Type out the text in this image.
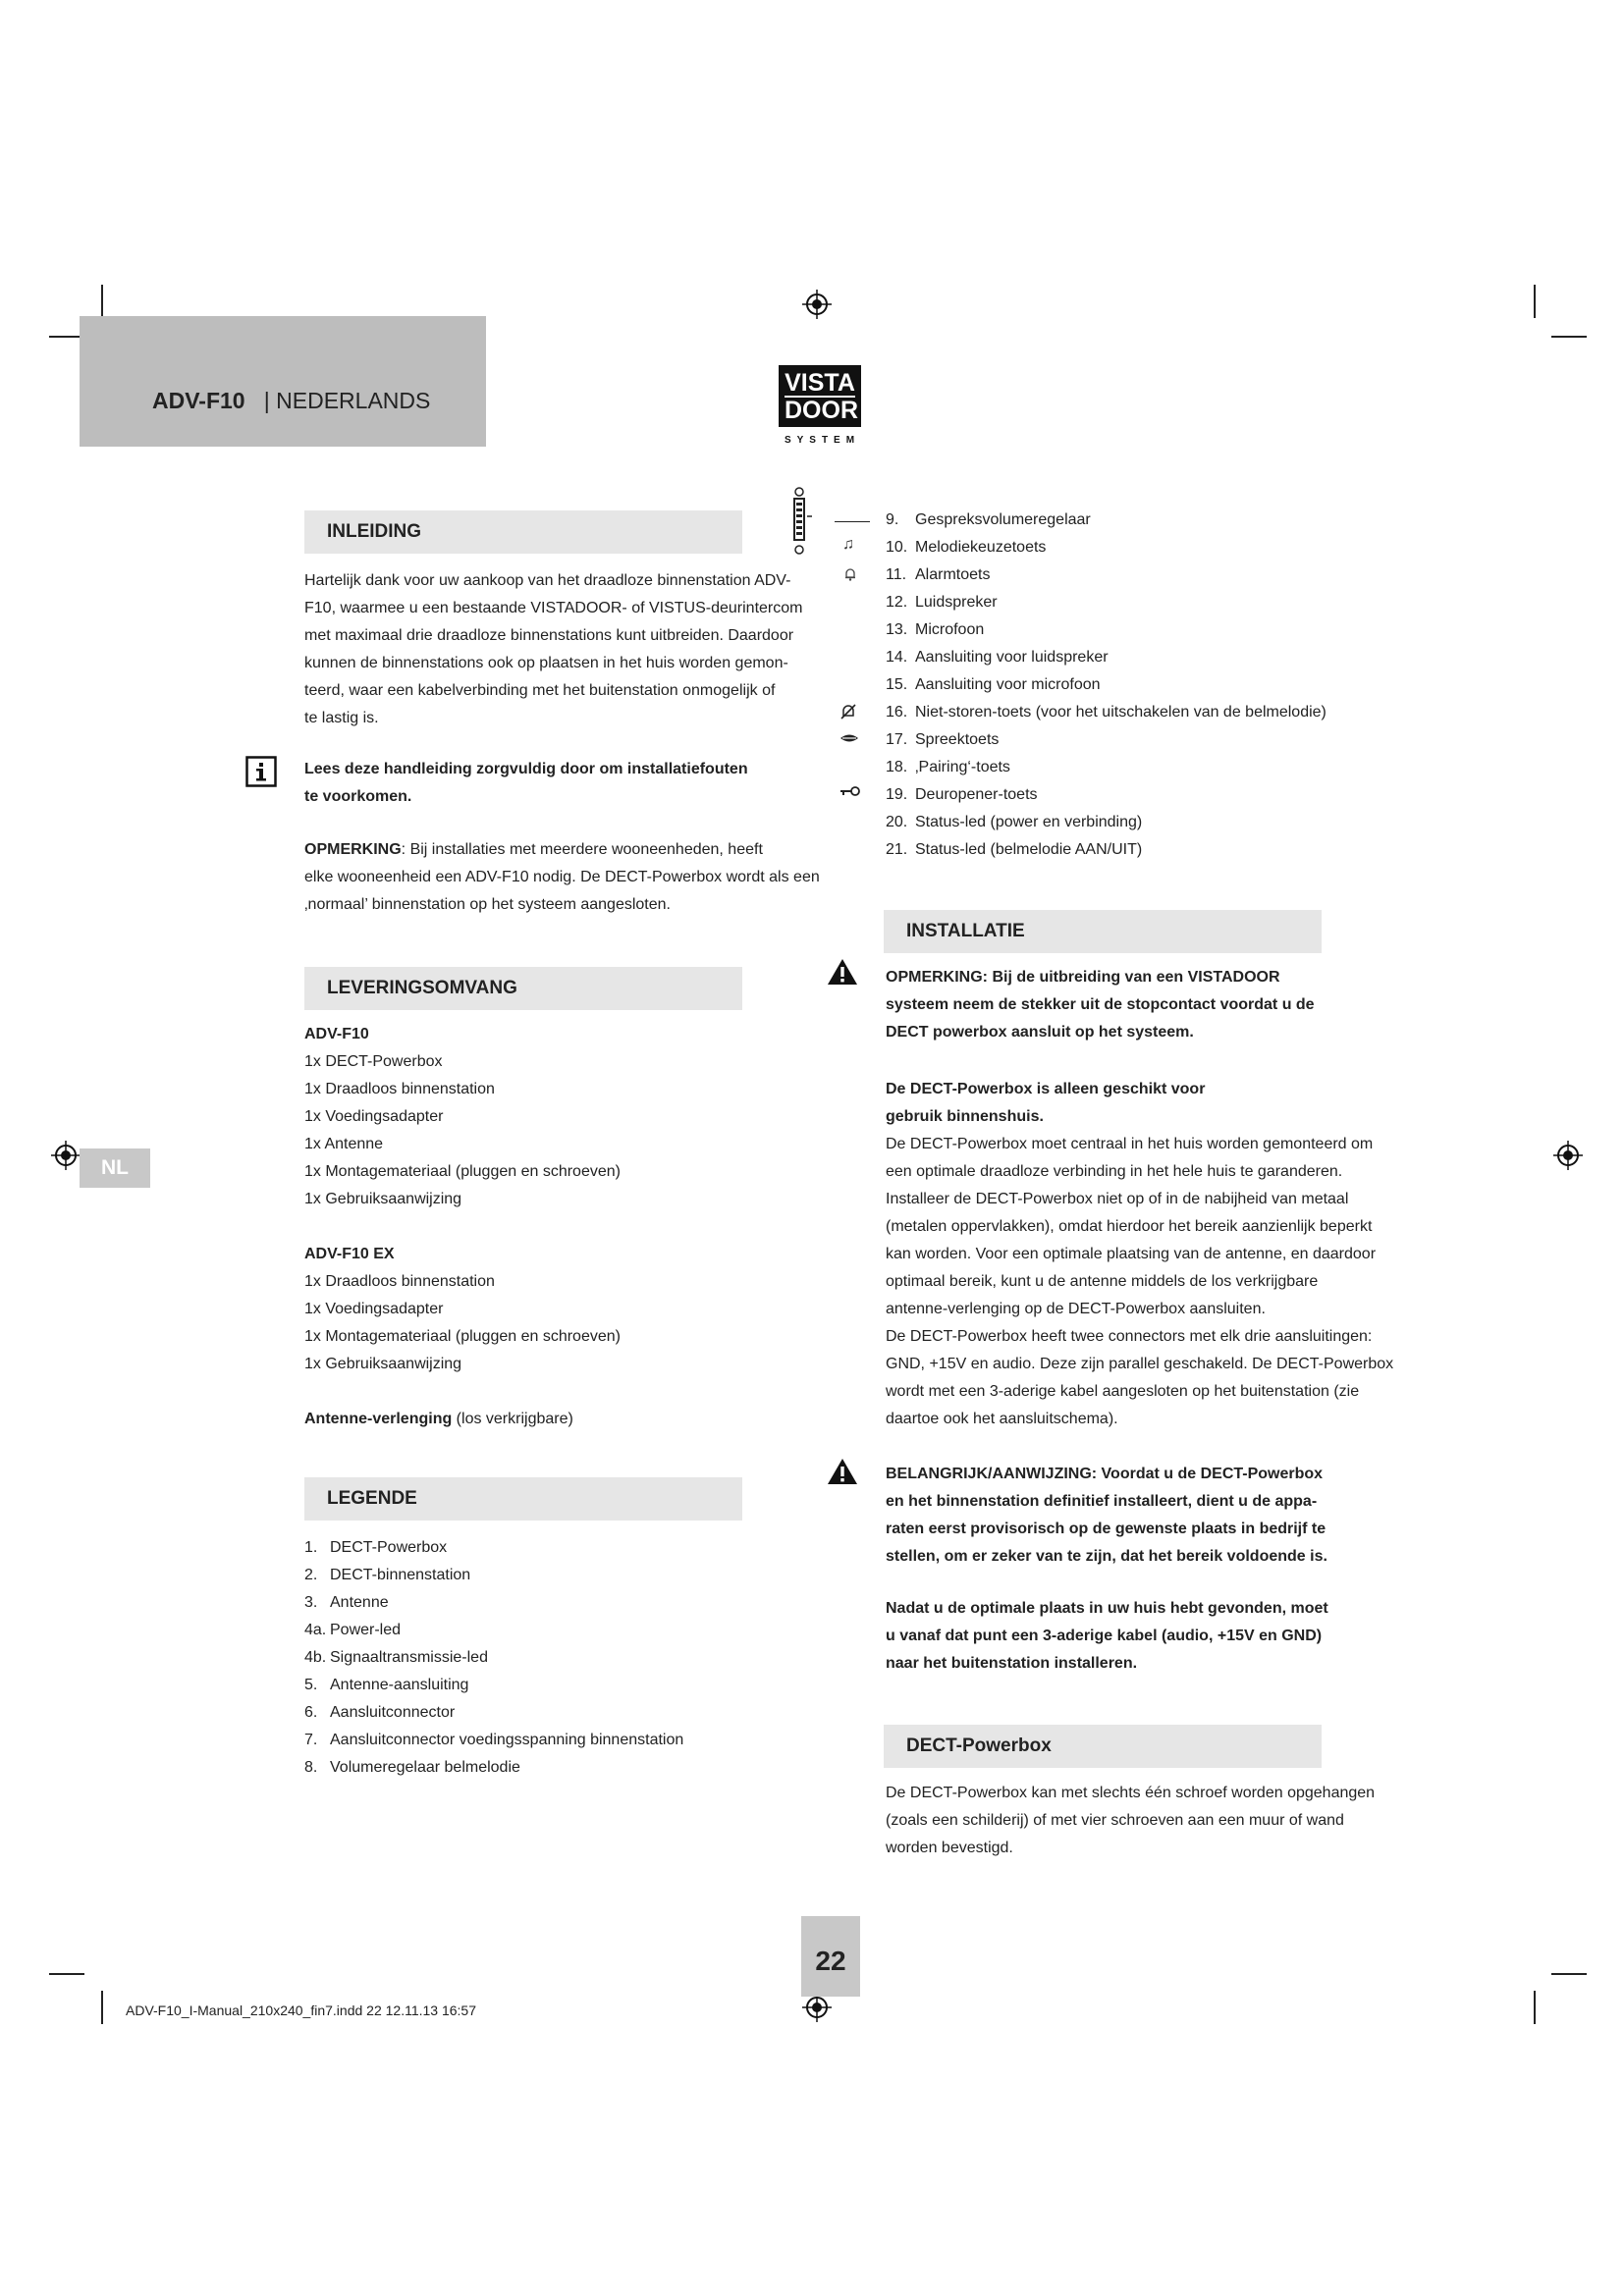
ADV-F10 | NEDERLANDS
VISTA
DOOR
SYSTEM
NL
INLEIDING
Hartelijk dank voor uw aankoop van het draadloze binnenstation ADV-
F10, waarmee u een bestaande VISTADOOR- of VISTUS-deurintercom
met maximaal drie draadloze binnenstations kunt uitbreiden. Daardoor
kunnen de binnenstations ook op plaatsen in het huis worden gemon-
teerd, waar een kabelverbinding met het buitenstation onmogelijk of
te lastig is.
Lees deze handleiding zorgvuldig door om installatiefouten
te voorkomen.
OPMERKING: Bij installaties met meerdere wooneenheden, heeft
elke wooneenheid een ADV-F10 nodig. De DECT-Powerbox wordt als een
‚normaal’ binnenstation op het systeem aangesloten.
LEVERINGSOMVANG
ADV-F10
1x DECT-Powerbox
1x Draadloos binnenstation
1x Voedingsadapter
1x Antenne
1x Montagemateriaal (pluggen en schroeven)
1x Gebruiksaanwijzing

ADV-F10 EX
1x Draadloos binnenstation
1x Voedingsadapter
1x Montagemateriaal (pluggen en schroeven)
1x Gebruiksaanwijzing

Antenne-verlenging (los verkrijgbare)
LEGENDE
1. DECT-Powerbox
2. DECT-binnenstation
3. Antenne
4a. Power-led
4b. Signaaltransmissie-led
5. Antenne-aansluiting
6. Aansluitconnector
7. Aansluitconnector voedingsspanning binnenstation
8. Volumeregelaar belmelodie
♫
9. Gespreksvolumeregelaar
10. Melodiekeuzetoets
11. Alarmtoets
12. Luidspreker
13. Microfoon
14. Aansluiting voor luidspreker
15. Aansluiting voor microfoon
16. Niet-storen-toets (voor het uitschakelen van de belmelodie)
17. Spreektoets
18. ‚Pairing‘-toets
19. Deuropener-toets
20. Status-led (power en verbinding)
21. Status-led (belmelodie AAN/UIT)
INSTALLATIE
OPMERKING: Bij de uitbreiding van een VISTADOOR
systeem neem de stekker uit de stopcontact voordat u de
DECT powerbox aansluit op het systeem.
De DECT-Powerbox is alleen geschikt voor
gebruik binnenshuis.
De DECT-Powerbox moet centraal in het huis worden gemonteerd om
een optimale draadloze verbinding in het hele huis te garanderen.
Installeer de DECT-Powerbox niet op of in de nabijheid van metaal
(metalen oppervlakken), omdat hierdoor het bereik aanzienlijk beperkt
kan worden. Voor een optimale plaatsing van de antenne, en daardoor
optimaal bereik, kunt u de antenne middels de los verkrijgbare
antenne-verlenging op de DECT-Powerbox aansluiten.
De DECT-Powerbox heeft twee connectors met elk drie aansluitingen:
GND, +15V en audio. Deze zijn parallel geschakeld. De DECT-Powerbox
wordt met een 3-aderige kabel aangesloten op het buitenstation (zie
daartoe ook het aansluitschema).
BELANGRIJK/AANWIJZING: Voordat u de DECT-Powerbox
en het binnenstation definitief installeert, dient u de appa-
raten eerst provisorisch op de gewenste plaats in bedrijf te
stellen, om er zeker van te zijn, dat het bereik voldoende is.
Nadat u de optimale plaats in uw huis hebt gevonden, moet
u vanaf dat punt een 3-aderige kabel (audio, +15V en GND)
naar het buitenstation installeren.
DECT-Powerbox
De DECT-Powerbox kan met slechts één schroef worden opgehangen
(zoals een schilderij) of met vier schroeven aan een muur of wand
worden bevestigd.
22
ADV-F10_I-Manual_210x240_fin7.indd 22 12.11.13 16:57
